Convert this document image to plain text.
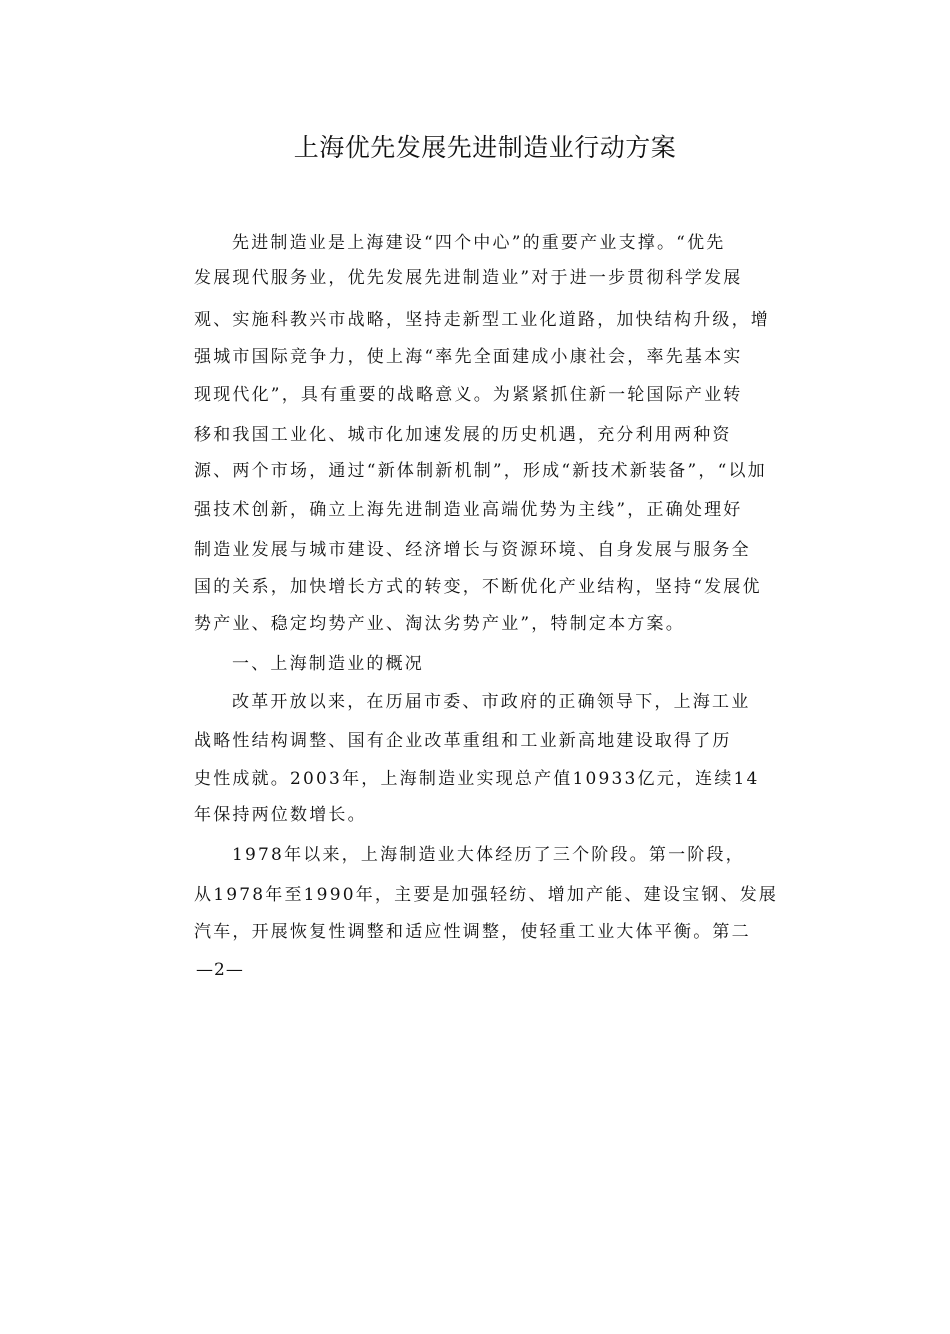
上海优先发展先进制造业行动方案
先进制造业是上海建设“四个中心”的重要产业支撑。“优先
发展现代服务业，优先发展先进制造业”对于进一步贯彻科学发展
观、实施科教兴市战略，坚持走新型工业化道路，加快结构升级，增
强城市国际竞争力，使上海“率先全面建成小康社会，率先基本实
现现代化”，具有重要的战略意义。为紧紧抓住新一轮国际产业转
移和我国工业化、城市化加速发展的历史机遇，充分利用两种资
源、两个市场，通过“新体制新机制”，形成“新技术新装备”，“以加
强技术创新，确立上海先进制造业高端优势为主线”，正确处理好
制造业发展与城市建设、经济增长与资源环境、自身发展与服务全
国的关系，加快增长方式的转变，不断优化产业结构，坚持“发展优
势产业、稳定均势产业、淘汰劣势产业”，特制定本方案。
一、上海制造业的概况
改革开放以来，在历届市委、市政府的正确领导下，上海工业
战略性结构调整、国有企业改革重组和工业新高地建设取得了历
史性成就。2003年，上海制造业实现总产值10933亿元，连续14
年保持两位数增长。
1978年以来，上海制造业大体经历了三个阶段。第一阶段，
从1978年至1990年，主要是加强轻纺、增加产能、建设宝钢、发展
汽车，开展恢复性调整和适应性调整，使轻重工业大体平衡。第二
—2—
